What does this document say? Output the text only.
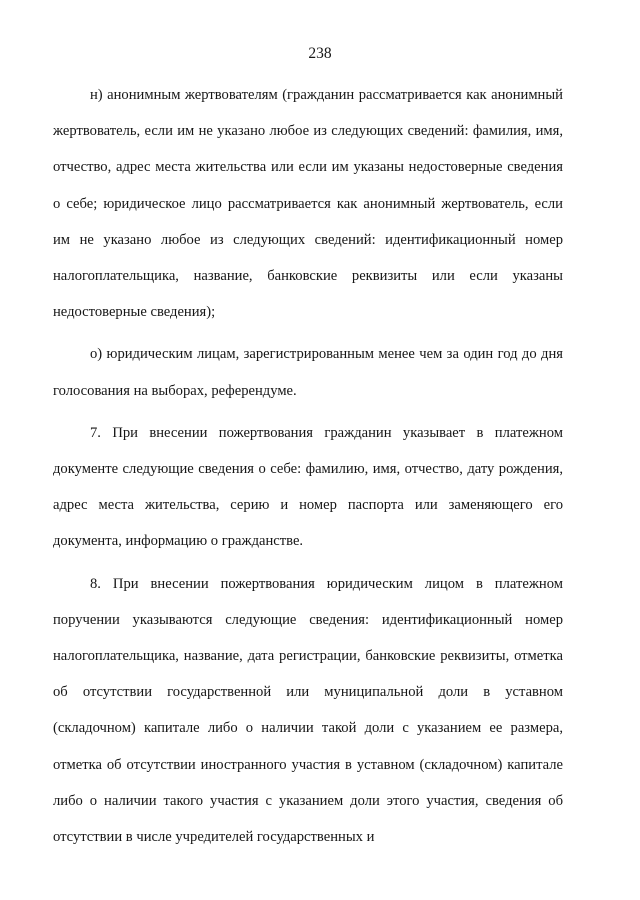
238

н) анонимным жертвователям (гражданин рассматривается как анонимный жертвователь, если им не указано любое из следующих сведений: фамилия, имя, отчество, адрес места жительства или если им указаны недостоверные сведения о себе; юридическое лицо рассматривается как анонимный жертвователь, если им не указано любое из следующих сведений: идентификационный номер налогоплательщика, название, банковские реквизиты или если указаны недостоверные сведения);

о) юридическим лицам, зарегистрированным менее чем за один год до дня голосования на выборах, референдуме.

7. При внесении пожертвования гражданин указывает в платежном документе следующие сведения о себе: фамилию, имя, отчество, дату рождения, адрес места жительства, серию и номер паспорта или заменяющего его документа, информацию о гражданстве.

8. При внесении пожертвования юридическим лицом в платежном поручении указываются следующие сведения: идентификационный номер налогоплательщика, название, дата регистрации, банковские реквизиты, отметка об отсутствии государственной или муниципальной доли в уставном (складочном) капитале либо о наличии такой доли с указанием ее размера, отметка об отсутствии иностранного участия в уставном (складочном) капитале либо о наличии такого участия с указанием доли этого участия, сведения об отсутствии в числе учредителей государственных и
